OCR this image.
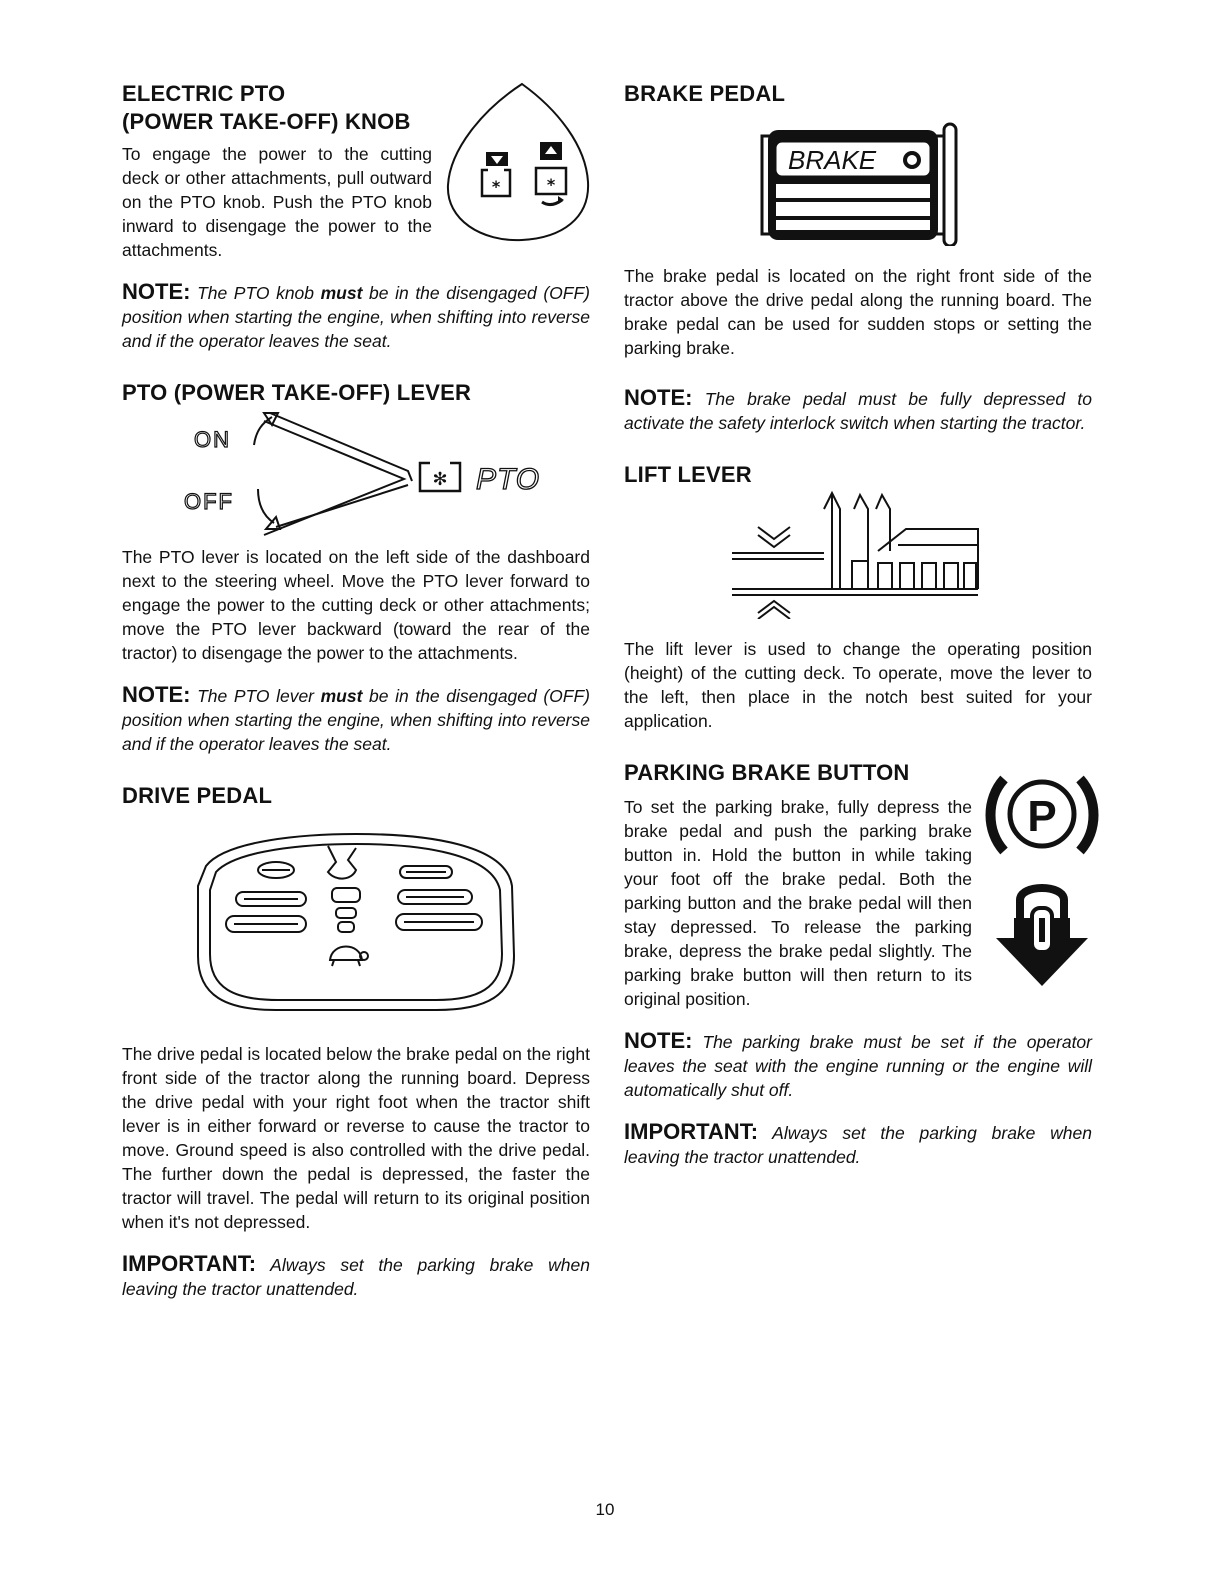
*	*
ELECTRIC PTO
(POWER TAKE-OFF) KNOB

To engage the power to the cutting deck or other attachments, pull outward on the PTO knob. Push the PTO knob inward to disengage the power to the attachments.

NOTE: The PTO knob must be in the disengaged (OFF) position when starting the engine, when shifting into reverse and if the operator leaves the seat.

PTO (POWER TAKE-OFF) LEVER
ON
OFF
✻ PTO

The PTO lever is located on the left side of the dashboard next to the steering wheel. Move the PTO lever forward to engage the power to the cutting deck or other attachments; move the PTO lever backward (toward the rear of the tractor) to disengage the power to the attachments.

NOTE: The PTO lever must be in the disengaged (OFF) position when starting the engine, when shifting into reverse and if the operator leaves the seat.

DRIVE PEDAL

The drive pedal is located below the brake pedal on the right front side of the tractor along the running board. Depress the drive pedal with your right foot when the tractor shift lever is in either forward or reverse to cause the tractor to move. Ground speed is also controlled with the drive pedal. The further down the pedal is depressed, the faster the tractor will travel. The pedal will return to its original position when it's not depressed.

IMPORTANT: Always set the parking brake when leaving the tractor unattended.

BRAKE PEDAL
BRAKE

The brake pedal is located on the right front side of the tractor above the drive pedal along the running board. The brake pedal can be used for sudden stops or setting the parking brake.

NOTE: The brake pedal must be fully depressed to activate the safety interlock switch when starting the tractor.

LIFT LEVER

The lift lever is used to change the operating position (height) of the cutting deck. To operate, move the lever to the left, then place in the notch best suited for your application.

P

PARKING BRAKE BUTTON

To set the parking brake, fully depress the brake pedal and push the parking brake button in. Hold the button in while taking your foot off the brake pedal. Both the parking button and the brake pedal will then stay depressed. To release the parking brake, depress the brake pedal slightly. The parking brake button will then return to its original position.

NOTE: The parking brake must be set if the operator leaves the seat with the engine running or the engine will automatically shut off.

IMPORTANT: Always set the parking brake when leaving the tractor unattended.

10
